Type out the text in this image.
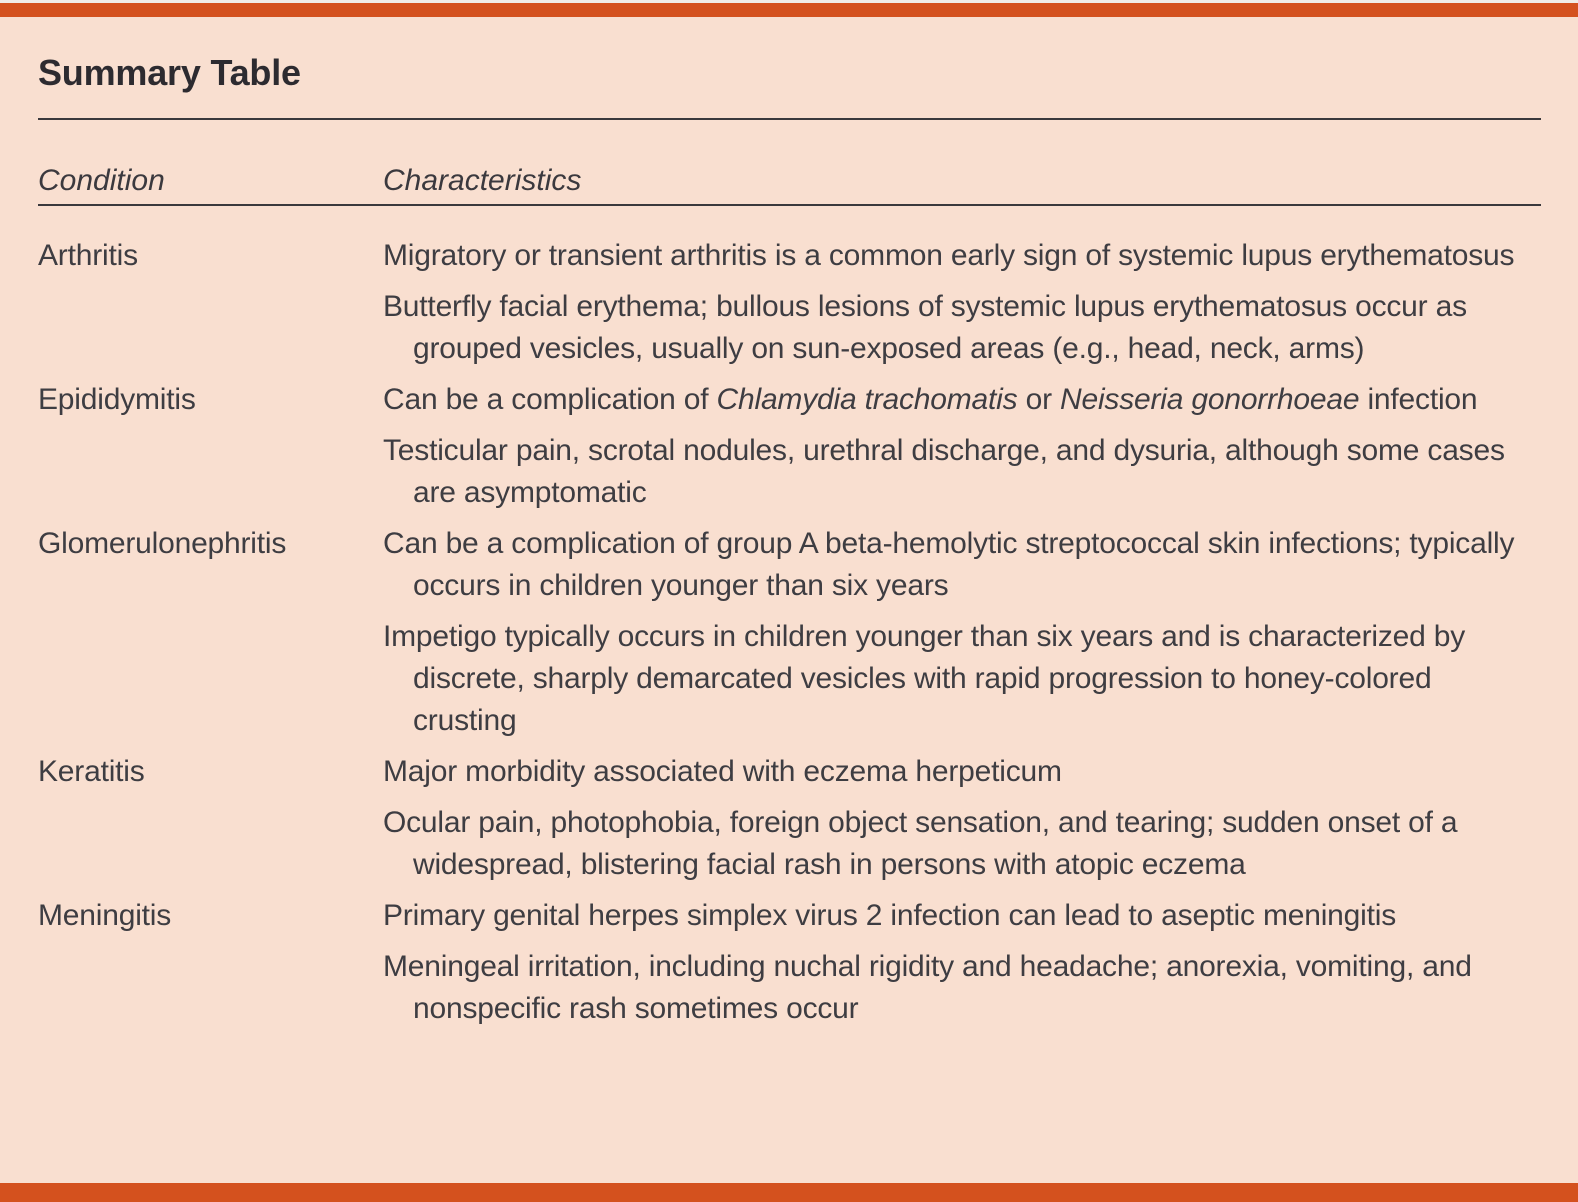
Summary Table
Condition	Characteristics
Arthritis	Migratory or transient arthritis is a common early sign of systemic lupus erythematosus

Butterfly facial erythema; bullous lesions of systemic lupus erythematosus occur as grouped vesicles, usually on sun-exposed areas (e.g., head, neck, arms)

Epididymitis	Can be a complication of Chlamydia trachomatis or Neisseria gonorrhoeae infection

Testicular pain, scrotal nodules, urethral discharge, and dysuria, although some cases are asymptomatic

Glomerulonephritis	Can be a complication of group A beta-hemolytic streptococcal skin infections; typically occurs in children younger than six years

Impetigo typically occurs in children younger than six years and is characterized by discrete, sharply demarcated vesicles with rapid progression to honey-colored crusting

Keratitis	Major morbidity associated with eczema herpeticum

Ocular pain, photophobia, foreign object sensation, and tearing; sudden onset of a widespread, blistering facial rash in persons with atopic eczema

Meningitis	Primary genital herpes simplex virus 2 infection can lead to aseptic meningitis

Meningeal irritation, including nuchal rigidity and headache; anorexia, vomiting, and nonspecific rash sometimes occur
